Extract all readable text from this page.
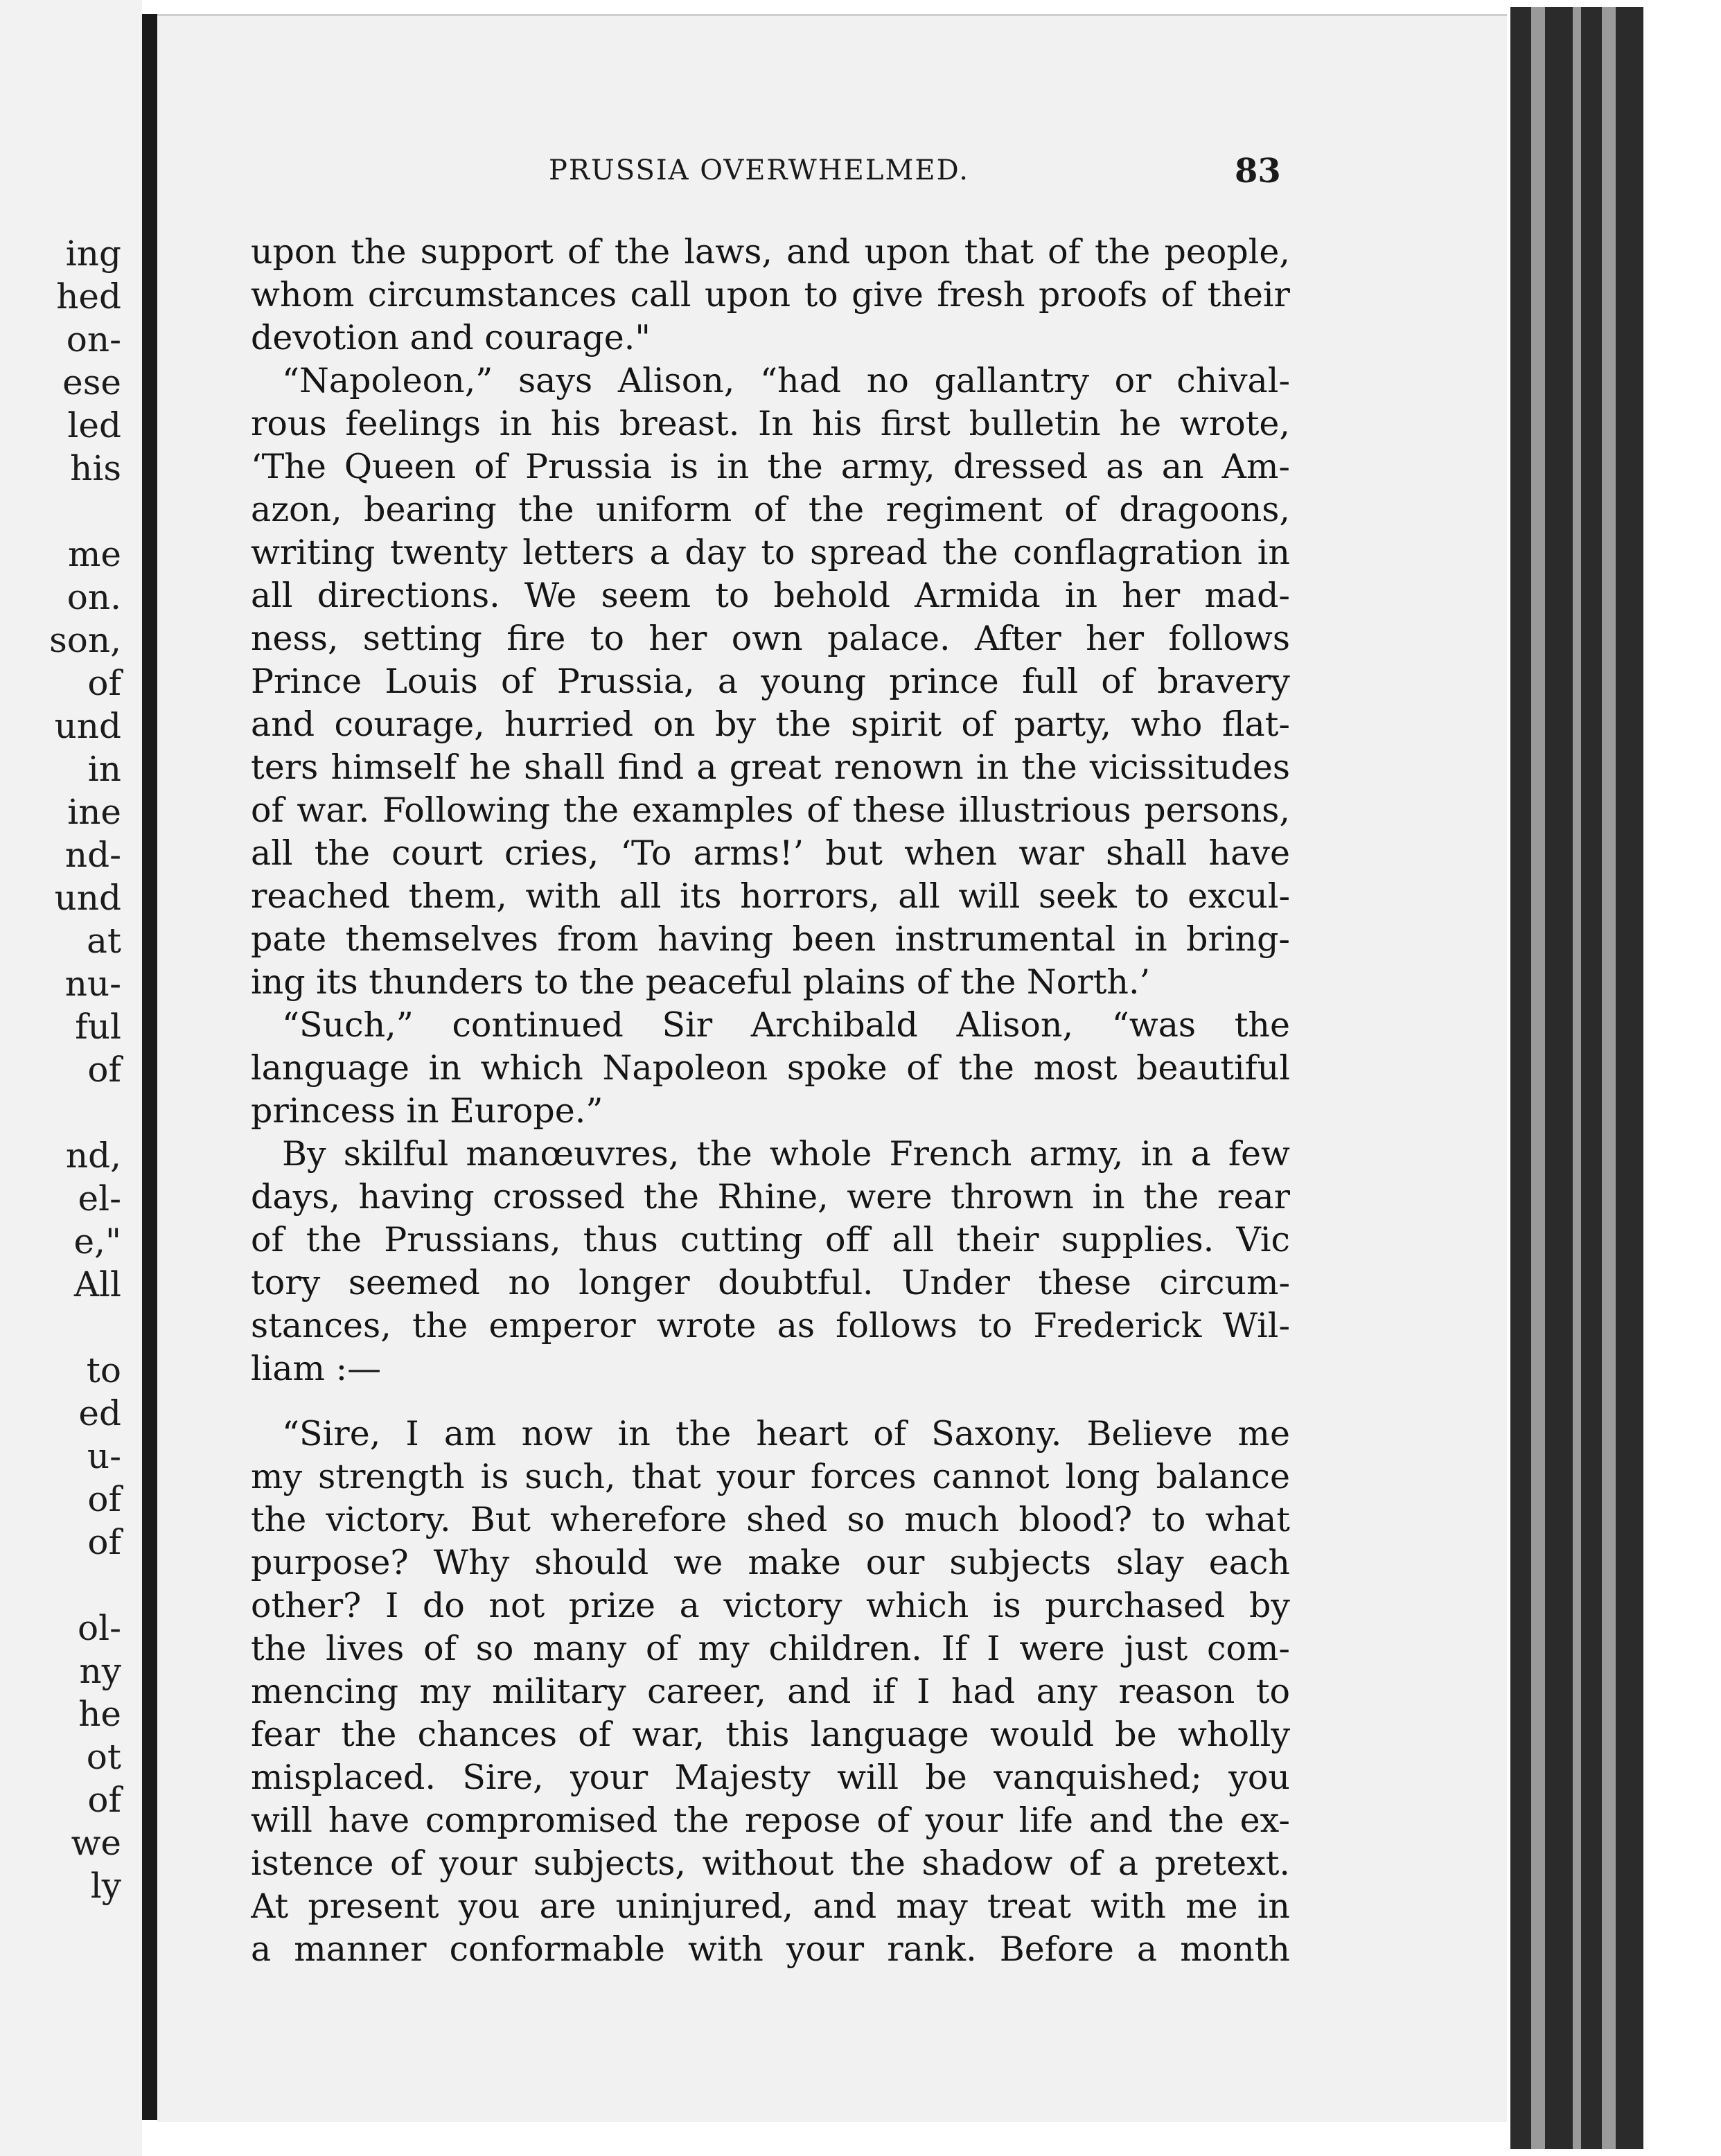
ing
hed
on-
ese
led
his
me
on.
son,
of
und
in
ine
nd-
und
at
nu-
ful
of
nd,
el-
e,"
All
to
ed
u-
of
of
ol-
ny
he
ot
of
we
ly
PRUSSIA OVERWHELMED.	83
upon the support of the laws, and upon that of the people,
whom circumstances call upon to give fresh proofs of their
devotion and courage."
“Napoleon,” says Alison, “had no gallantry or chival-
rous feelings in his breast. In his first bulletin he wrote,
‘The Queen of Prussia is in the army, dressed as an Am-
azon, bearing the uniform of the regiment of dragoons,
writing twenty letters a day to spread the conflagration in
all directions. We seem to behold Armida in her mad-
ness, setting fire to her own palace. After her follows
Prince Louis of Prussia, a young prince full of bravery
and courage, hurried on by the spirit of party, who flat-
ters himself he shall find a great renown in the vicissitudes
of war. Following the examples of these illustrious persons,
all the court cries, ‘To arms!’ but when war shall have
reached them, with all its horrors, all will seek to excul-
pate themselves from having been instrumental in bring-
ing its thunders to the peaceful plains of the North.’
“Such,” continued Sir Archibald Alison, “was the
language in which Napoleon spoke of the most beautiful
princess in Europe.”
By skilful manœuvres, the whole French army, in a few
days, having crossed the Rhine, were thrown in the rear
of the Prussians, thus cutting off all their supplies. Vic
tory seemed no longer doubtful. Under these circum-
stances, the emperor wrote as follows to Frederick Wil-
liam :—
“Sire, I am now in the heart of Saxony. Believe me
my strength is such, that your forces cannot long balance
the victory. But wherefore shed so much blood? to what
purpose? Why should we make our subjects slay each
other? I do not prize a victory which is purchased by
the lives of so many of my children. If I were just com-
mencing my military career, and if I had any reason to
fear the chances of war, this language would be wholly
misplaced. Sire, your Majesty will be vanquished; you
will have compromised the repose of your life and the ex-
istence of your subjects, without the shadow of a pretext.
At present you are uninjured, and may treat with me in
a manner conformable with your rank. Before a month
